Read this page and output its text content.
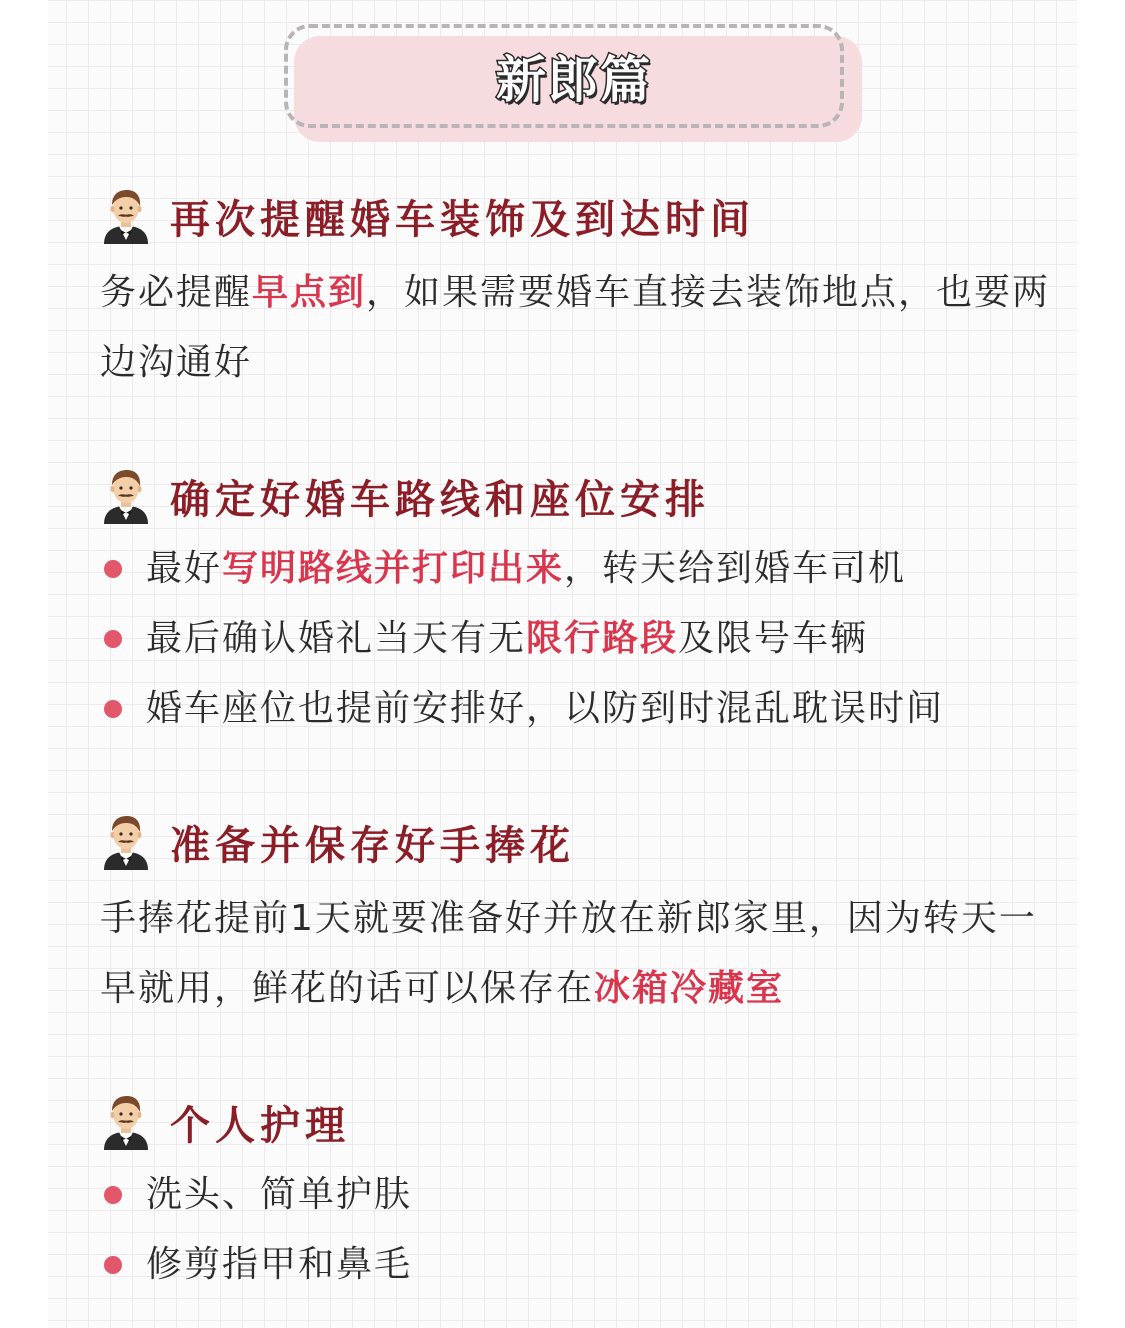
新郎篇
再次提醒婚车装饰及到达时间

务必提醒早点到，如果需要婚车直接去装饰地点，也要两边沟通好

确定好婚车路线和座位安排
最好写明路线并打印出来，转天给到婚车司机
最后确认婚礼当天有无限行路段及限号车辆
婚车座位也提前安排好，以防到时混乱耽误时间
准备并保存好手捧花

手捧花提前1天就要准备好并放在新郎家里，因为转天一早就用，鲜花的话可以保存在冰箱冷藏室

个人护理
洗头、简单护肤
修剪指甲和鼻毛
